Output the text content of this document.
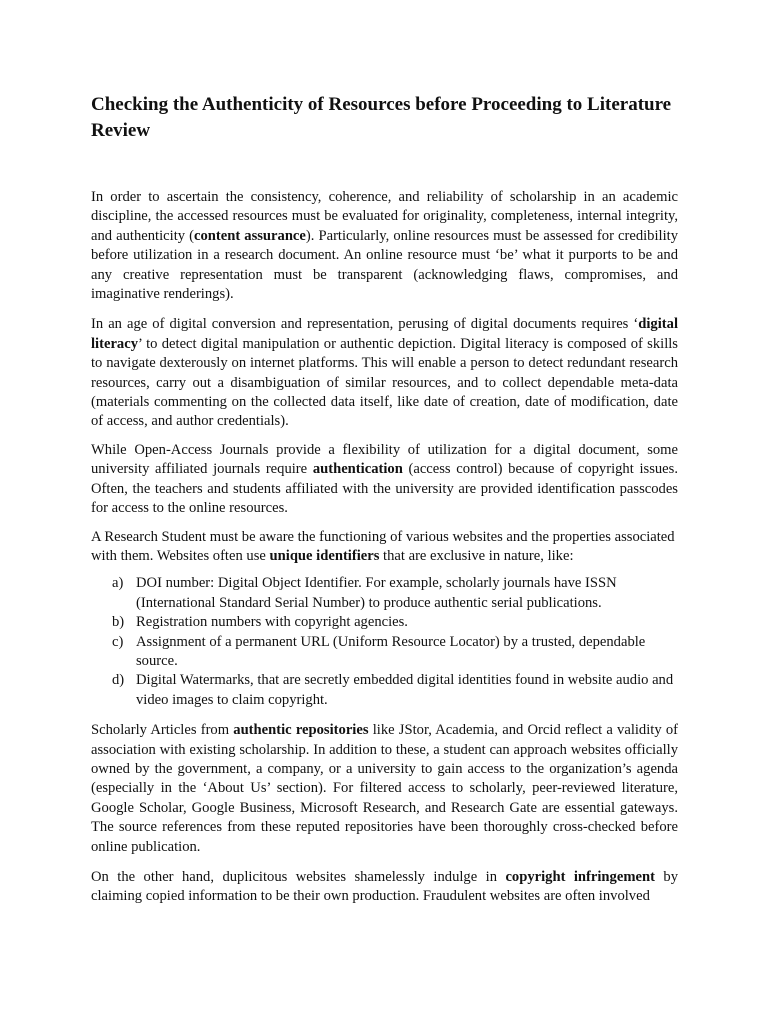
Checking the Authenticity of Resources before Proceeding to Literature Review

In order to ascertain the consistency, coherence, and reliability of scholarship in an academic discipline, the accessed resources must be evaluated for originality, completeness, internal integrity, and authenticity (content assurance). Particularly, online resources must be assessed for credibility before utilization in a research document. An online resource must ‘be’ what it purports to be and any creative representation must be transparent (acknowledging flaws, compromises, and imaginative renderings).

In an age of digital conversion and representation, perusing of digital documents requires ‘digital literacy’ to detect digital manipulation or authentic depiction. Digital literacy is composed of skills to navigate dexterously on internet platforms. This will enable a person to detect redundant research resources, carry out a disambiguation of similar resources, and to collect dependable meta-data (materials commenting on the collected data itself, like date of creation, date of modification, date of access, and author credentials).

While Open-Access Journals provide a flexibility of utilization for a digital document, some university affiliated journals require authentication (access control) because of copyright issues. Often, the teachers and students affiliated with the university are provided identification passcodes for access to the online resources.

A Research Student must be aware the functioning of various websites and the properties associated with them. Websites often use unique identifiers that are exclusive in nature, like:

a) DOI number: Digital Object Identifier. For example, scholarly journals have ISSN (International Standard Serial Number) to produce authentic serial publications.
b) Registration numbers with copyright agencies.
c) Assignment of a permanent URL (Uniform Resource Locator) by a trusted, dependable source.
d) Digital Watermarks, that are secretly embedded digital identities found in website audio and video images to claim copyright.

Scholarly Articles from authentic repositories like JStor, Academia, and Orcid reflect a validity of association with existing scholarship. In addition to these, a student can approach websites officially owned by the government, a company, or a university to gain access to the organization’s agenda (especially in the ‘About Us’ section). For filtered access to scholarly, peer-reviewed literature, Google Scholar, Google Business, Microsoft Research, and Research Gate are essential gateways. The source references from these reputed repositories have been thoroughly cross-checked before online publication.

On the other hand, duplicitous websites shamelessly indulge in copyright infringement by claiming copied information to be their own production. Fraudulent websites are often involved
